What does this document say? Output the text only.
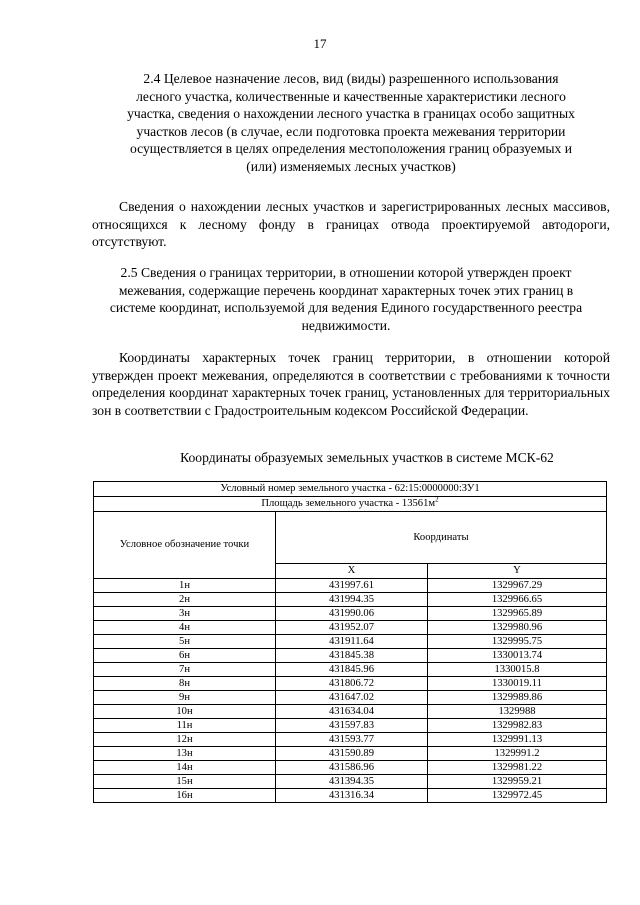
17
2.4 Целевое назначение лесов, вид (виды) разрешенного использования лесного участка, количественные и качественные характеристики лесного участка, сведения о нахождении лесного участка в границах особо защитных участков лесов (в случае, если подготовка проекта межевания территории осуществляется в целях определения местоположения границ образуемых и (или) изменяемых лесных участков)
Сведения о нахождении лесных участков и зарегистрированных лесных массивов, относящихся к лесному фонду в границах отвода проектируемой автодороги, отсутствуют.
2.5 Сведения о границах территории, в отношении которой утвержден проект межевания, содержащие перечень координат характерных точек этих границ в системе координат, используемой для ведения Единого государственного реестра недвижимости.
Координаты характерных точек границ территории, в отношении которой утвержден проект межевания, определяются в соответствии с требованиями к точности определения координат характерных точек границ, установленных для территориальных зон в соответствии с Градостроительным кодексом Российской Федерации.
Координаты образуемых земельных участков в системе МСК-62
Условный номер земельного участка - 62:15:0000000:ЗУ1		
Площадь земельного участка - $13561м^2$
Условное обозначение точки	Координаты	
	X	Y
1н	431997.61	1329967.29
2н	431994.35	1329966.65
3н	431990.06	1329965.89
4н	431952.07	1329980.96
5н	431911.64	1329995.75
6н	431845.38	1330013.74
7н	431845.96	1330015.8
8н	431806.72	1330019.11
9н	431647.02	1329989.86
10н	431634.04	1329988
11н	431597.83	1329982.83
12н	431593.77	1329991.13
13н	431590.89	1329991.2
14н	431586.96	1329981.22
15н	431394.35	1329959.21
16н	431316.34	1329972.45
